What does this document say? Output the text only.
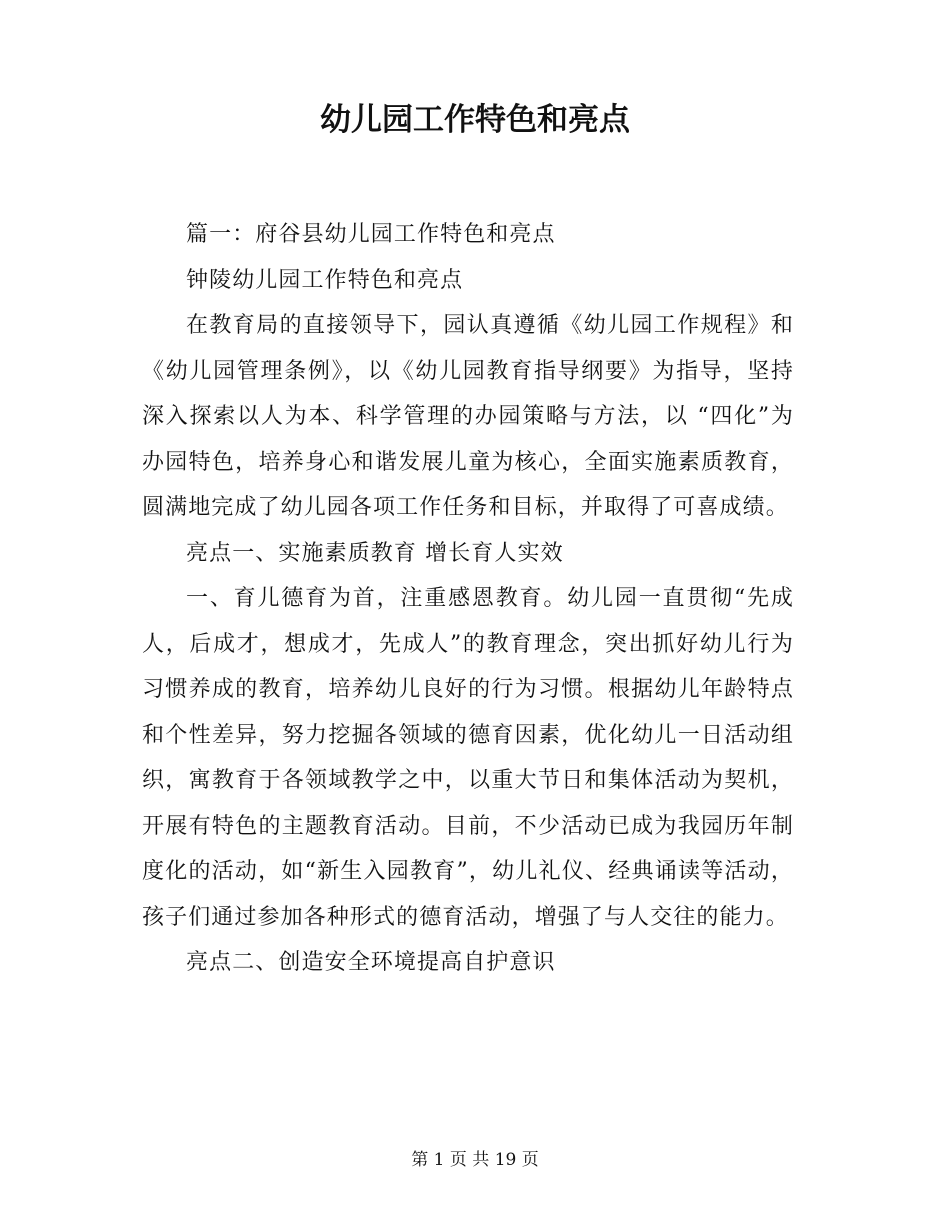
幼儿园工作特色和亮点

篇一：府谷县幼儿园工作特色和亮点

钟陵幼儿园工作特色和亮点

在教育局的直接领导下，园认真遵循《幼儿园工作规程》和《幼儿园管理条例》，以《幼儿园教育指导纲要》为指导，坚持深入探索以人为本、科学管理的办园策略与方法，以 “四化”为办园特色，培养身心和谐发展儿童为核心，全面实施素质教育，圆满地完成了幼儿园各项工作任务和目标，并取得了可喜成绩。

亮点一、实施素质教育 增长育人实效

一、育儿德育为首，注重感恩教育。幼儿园一直贯彻“先成人，后成才，想成才，先成人”的教育理念，突出抓好幼儿行为习惯养成的教育，培养幼儿良好的行为习惯。根据幼儿年龄特点和个性差异，努力挖掘各领域的德育因素，优化幼儿一日活动组织，寓教育于各领域教学之中，以重大节日和集体活动为契机，开展有特色的主题教育活动。目前，不少活动已成为我园历年制度化的活动，如“新生入园教育”，幼儿礼仪、经典诵读等活动，孩子们通过参加各种形式的德育活动，增强了与人交往的能力。

亮点二、创造安全环境提高自护意识

第 1 页 共 19 页
